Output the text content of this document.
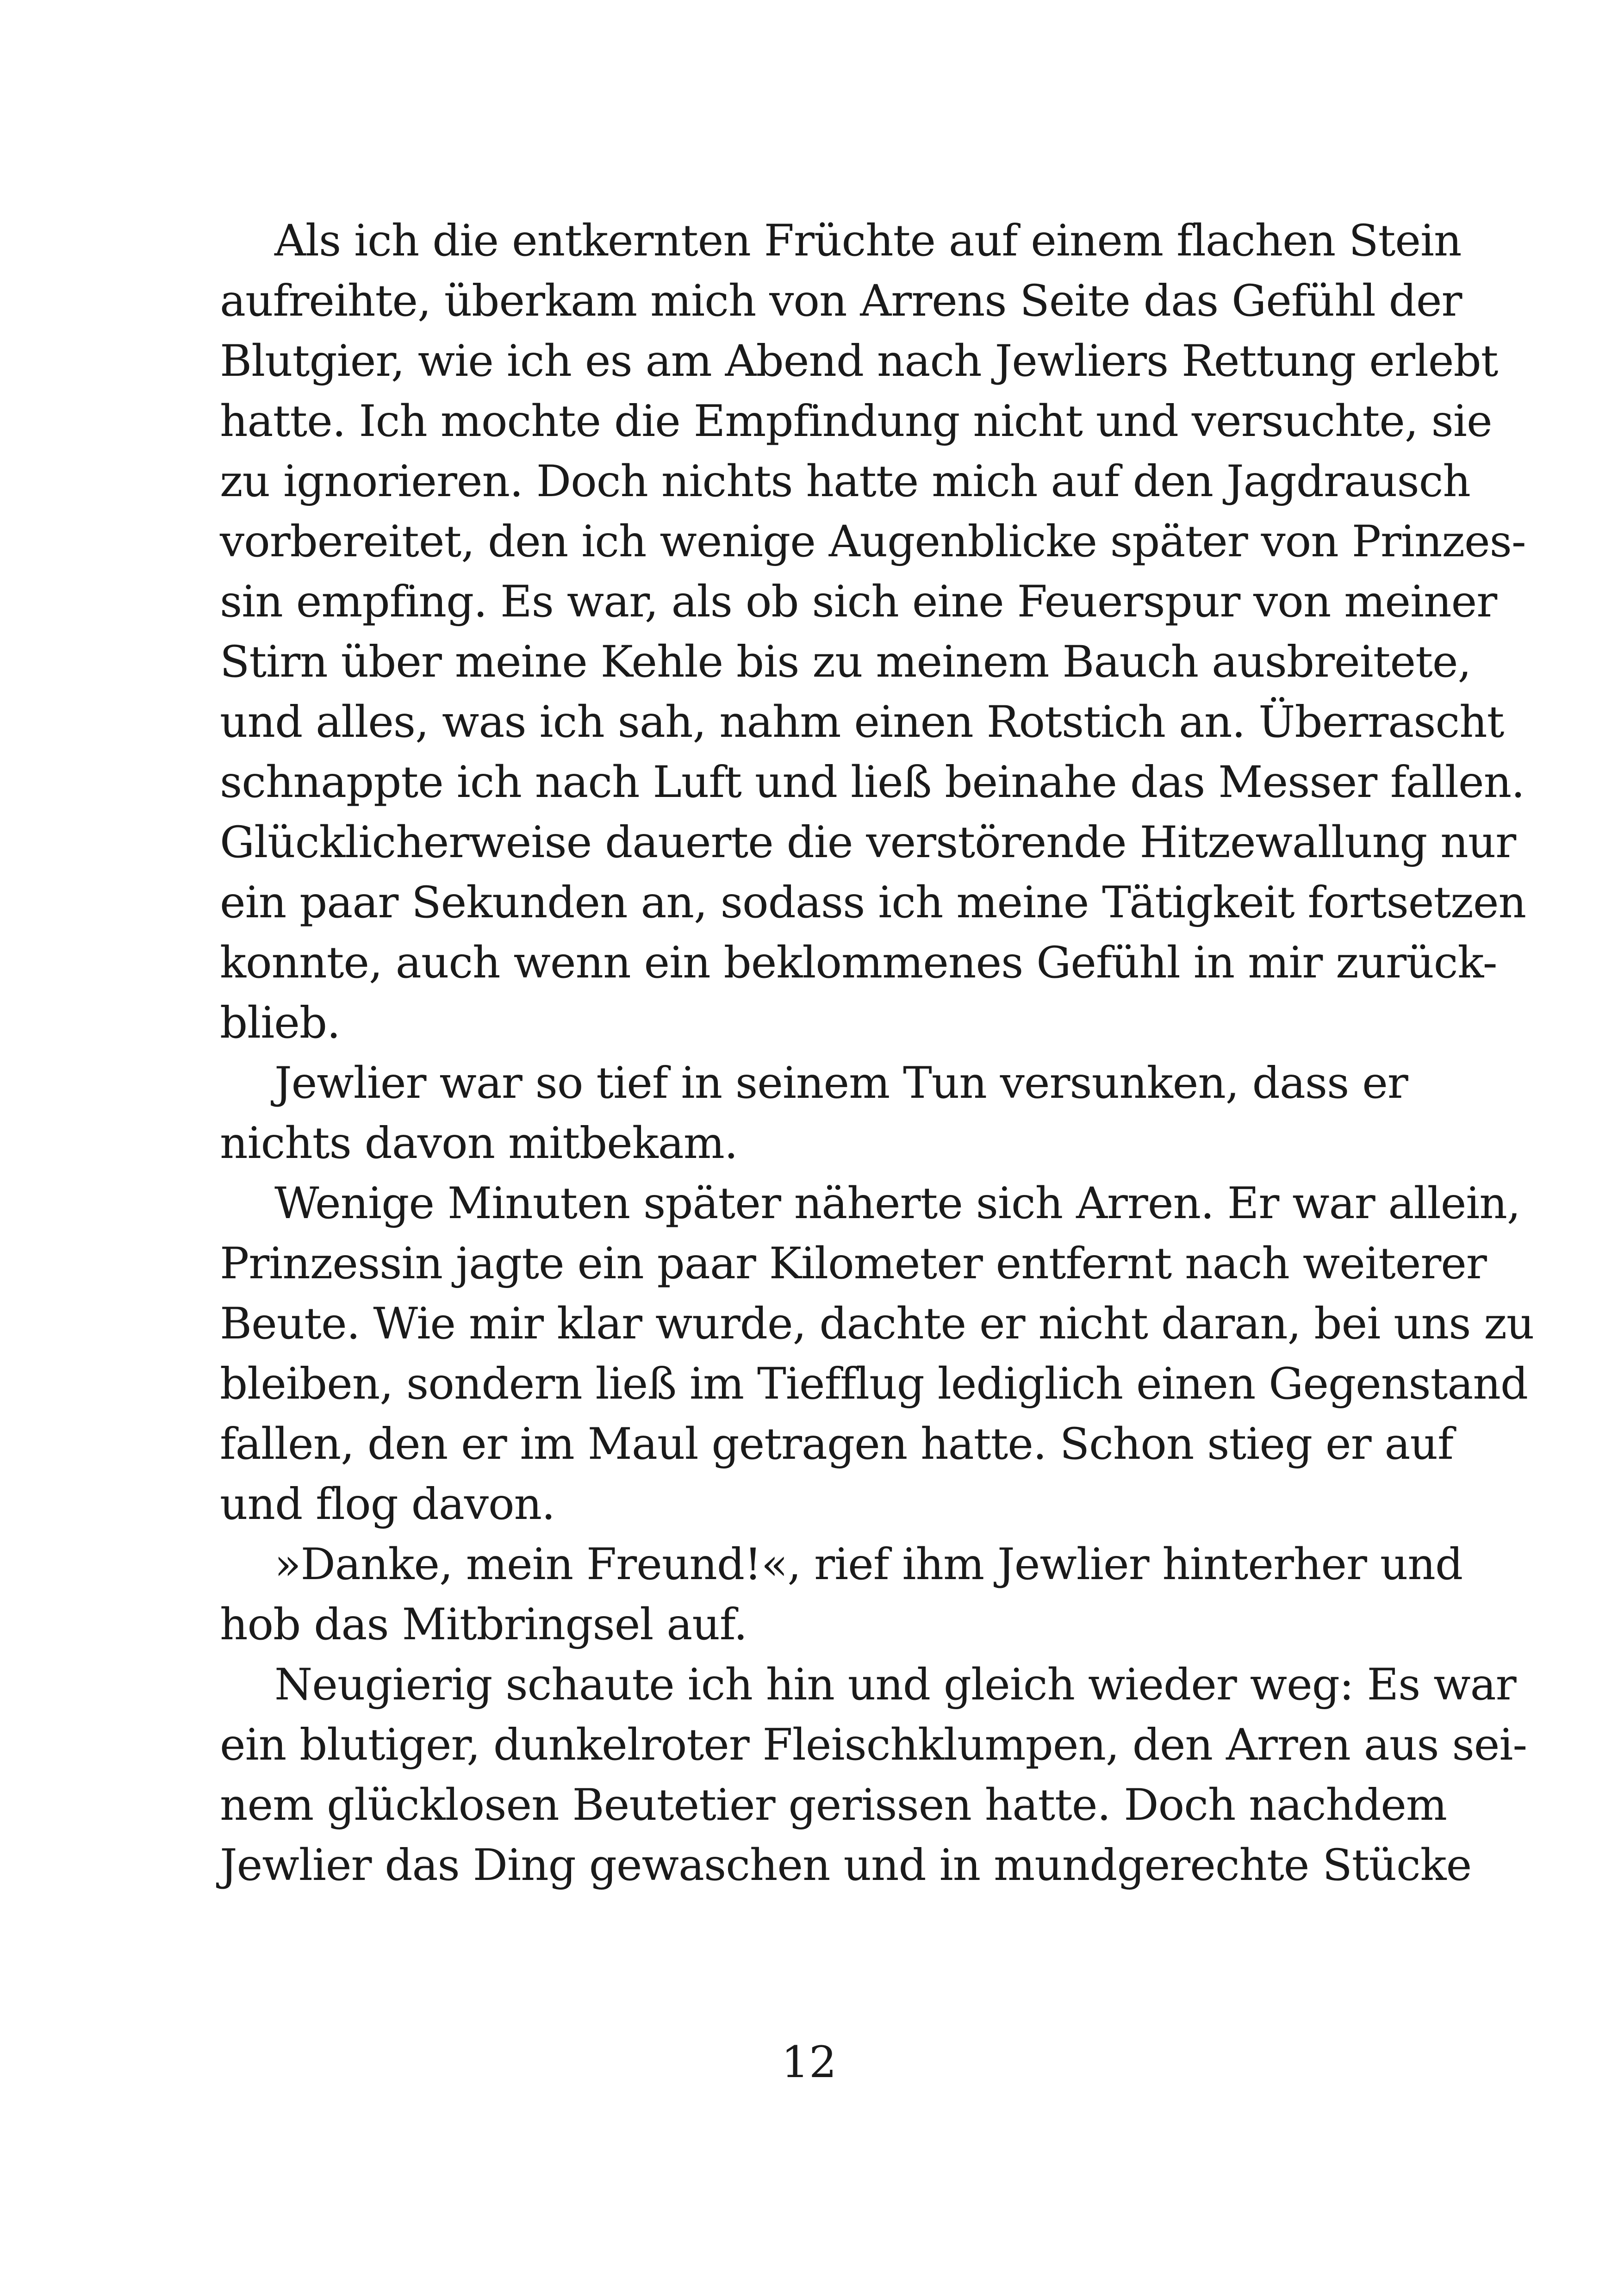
Als ich die entkernten Früchte auf einem flachen Stein
aufreihte, überkam mich von Arrens Seite das Gefühl der
Blutgier, wie ich es am Abend nach Jewliers Rettung erlebt
hatte. Ich mochte die Empfindung nicht und versuchte, sie
zu ignorieren. Doch nichts hatte mich auf den Jagdrausch
vorbereitet, den ich wenige Augenblicke später von Prinzes-
sin empfing. Es war, als ob sich eine Feuerspur von meiner
Stirn über meine Kehle bis zu meinem Bauch ausbreitete,
und alles, was ich sah, nahm einen Rotstich an. Überrascht
schnappte ich nach Luft und ließ beinahe das Messer fallen.
Glücklicherweise dauerte die verstörende Hitzewallung nur
ein paar Sekunden an, sodass ich meine Tätigkeit fortsetzen
konnte, auch wenn ein beklommenes Gefühl in mir zurück-
blieb.
Jewlier war so tief in seinem Tun versunken, dass er
nichts davon mitbekam.
Wenige Minuten später näherte sich Arren. Er war allein,
Prinzessin jagte ein paar Kilometer entfernt nach weiterer
Beute. Wie mir klar wurde, dachte er nicht daran, bei uns zu
bleiben, sondern ließ im Tiefflug lediglich einen Gegenstand
fallen, den er im Maul getragen hatte. Schon stieg er auf
und flog davon.
»Danke, mein Freund!«, rief ihm Jewlier hinterher und
hob das Mitbringsel auf.
Neugierig schaute ich hin und gleich wieder weg: Es war
ein blutiger, dunkelroter Fleischklumpen, den Arren aus sei-
nem glücklosen Beutetier gerissen hatte. Doch nachdem
Jewlier das Ding gewaschen und in mundgerechte Stücke
12
